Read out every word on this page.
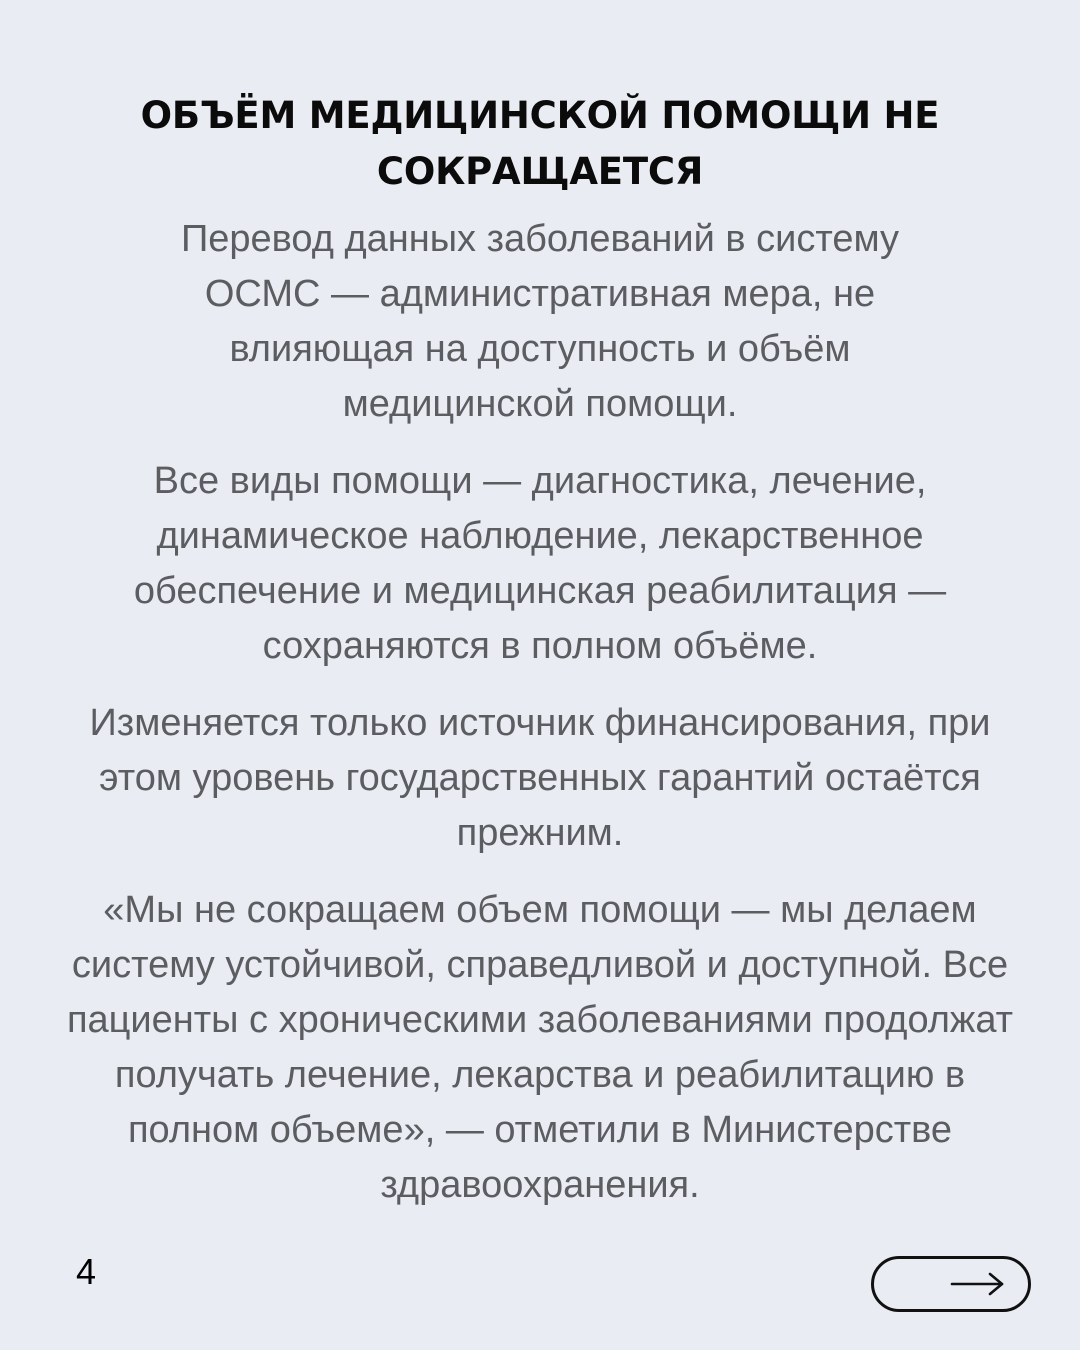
ОБЪЁМ МЕДИЦИНСКОЙ ПОМОЩИ НЕ СОКРАЩАЕТСЯ

Перевод данных заболеваний в систему ОСМС — административная мера, не влияющая на доступность и объём медицинской помощи.

Все виды помощи — диагностика, лечение, динамическое наблюдение, лекарственное обеспечение и медицинская реабилитация — сохраняются в полном объёме.

Изменяется только источник финансирования, при этом уровень государственных гарантий остаётся прежним.

«Мы не сокращаем объем помощи — мы делаем систему устойчивой, справедливой и доступной. Все пациенты с хроническими заболеваниями продолжат получать лечение, лекарства и реабилитацию в полном объеме», — отметили в Министерстве здравоохранения.

4
